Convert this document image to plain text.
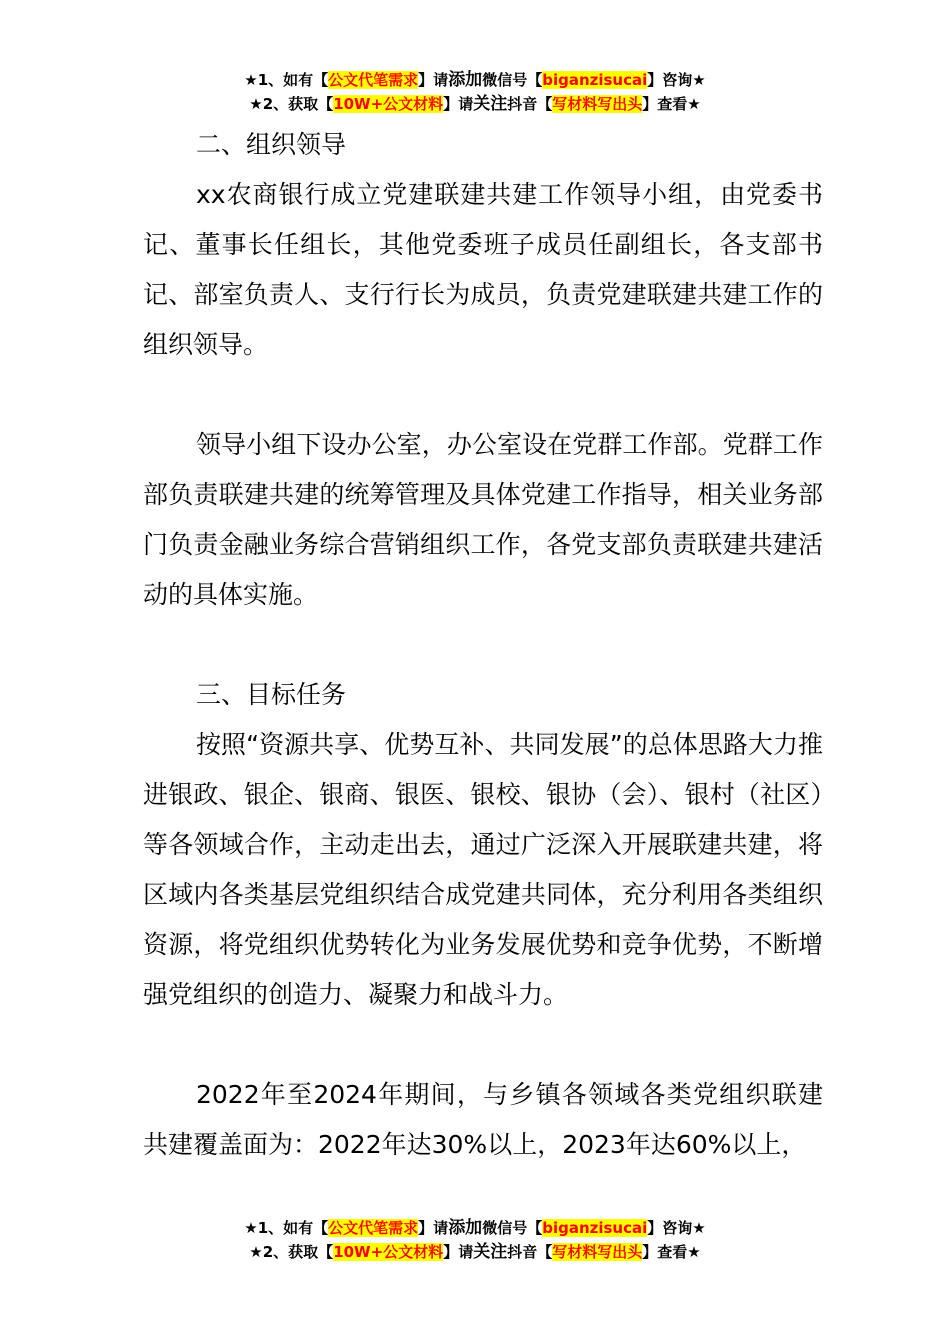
★1、如有【公文代笔需求】请添加微信号【biganzisucai】咨询★
★2、获取【10W+公文材料】请关注抖音【写材料写出头】查看★

二、组织领导

xx农商银行成立党建联建共建工作领导小组，由党委书记、董事长任组长，其他党委班子成员任副组长，各支部书记、部室负责人、支行行长为成员，负责党建联建共建工作的组织领导。

领导小组下设办公室，办公室设在党群工作部。党群工作部负责联建共建的统筹管理及具体党建工作指导，相关业务部门负责金融业务综合营销组织工作，各党支部负责联建共建活动的具体实施。

三、目标任务

按照“资源共享、优势互补、共同发展”的总体思路大力推进银政、银企、银商、银医、银校、银协（会）、银村（社区）等各领域合作，主动走出去，通过广泛深入开展联建共建，将区域内各类基层党组织结合成党建共同体，充分利用各类组织资源，将党组织优势转化为业务发展优势和竞争优势，不断增强党组织的创造力、凝聚力和战斗力。

2022年至2024年期间，与乡镇各领域各类党组织联建共建覆盖面为：2022年达30%以上，2023年达60%以上，

★1、如有【公文代笔需求】请添加微信号【biganzisucai】咨询★
★2、获取【10W+公文材料】请关注抖音【写材料写出头】查看★
